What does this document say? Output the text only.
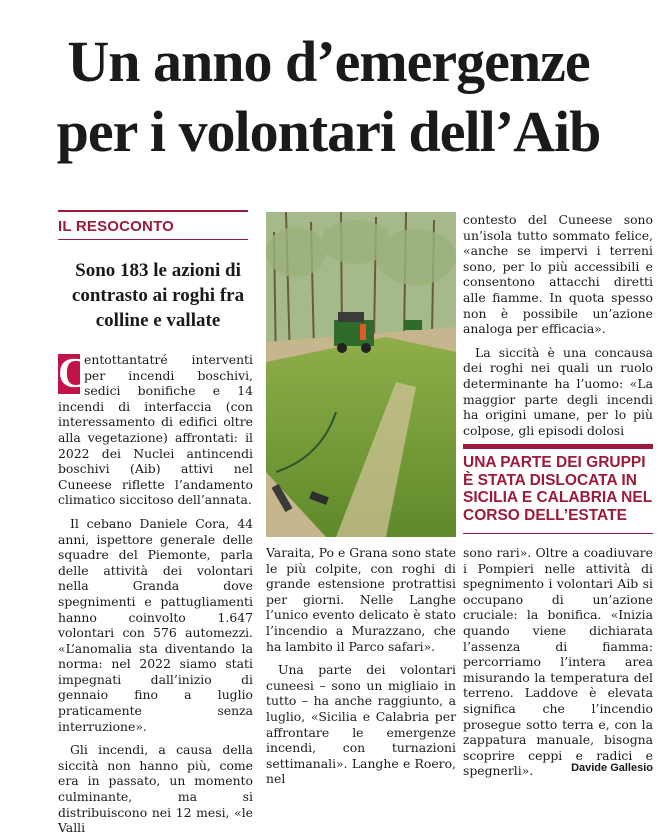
Un anno d’emergenze
per i volontari dell’Aib
IL RESOCONTO
Sono 183 le azioni di contrasto ai roghi fra colline e vallate

C
entottantatré interventi per incendi boschivi, sedici bonifiche e 14 incendi di interfaccia (con interessamento di edifici oltre alla vegetazione) affrontati: il 2022 dei Nuclei antincendi boschivi (Aib) attivi nel Cuneese riflette l’andamento climatico siccitoso dell’annata.

Il cebano Daniele Cora, 44 anni, ispettore generale delle squadre del Piemonte, parla delle attività dei volontari nella Granda dove spegnimenti e pattugliamenti hanno coinvolto 1.647 volontari con 576 automezzi. «L’anomalia sta diventando la norma: nel 2022 siamo stati impegnati dall’inizio di gennaio fino a luglio praticamente senza interruzione».

Gli incendi, a causa della siccità non hanno più, come era in passato, un momento culminante, ma si distribuiscono nei 12 mesi, «le Valli

Varaita, Po e Grana sono state le più colpite, con roghi di grande estensione protrattisi per giorni. Nelle Langhe l’unico evento delicato è stato l’incendio a Murazzano, che ha lambito il Parco safari».

Una parte dei volontari cuneesi – sono un migliaio in tutto – ha anche raggiunto, a luglio, «Sicilia e Calabria per affrontare le emergenze incendi, con turnazioni settimanali». Langhe e Roero, nel

contesto del Cuneese sono un’isola tutto sommato felice, «anche se impervi i terreni sono, per lo più accessibili e consentono attacchi diretti alle fiamme. In quota spesso non è possibile un’azione analoga per efficacia».

La siccità è una concausa dei roghi nei quali un ruolo determinante ha l’uomo: «La maggior parte degli incendi ha origini umane, per lo più colpose, gli episodi dolosi

UNA PARTE DEI GRUPPI È STATA DISLOCATA IN SICILIA E CALABRIA NEL CORSO DELL’ESTATE

sono rari». Oltre a coadiuvare i Pompieri nelle attività di spegnimento i volontari Aib si occupano di un’azione cruciale: la bonifica. «Inizia quando viene dichiarata l’assenza di fiamma: percorriamo l’intera area misurando la temperatura del terreno. Laddove è elevata significa che l’incendio prosegue sotto terra e, con la zappatura manuale, bisogna scoprire ceppi e radici e spegnerli».	Davide Gallesio
